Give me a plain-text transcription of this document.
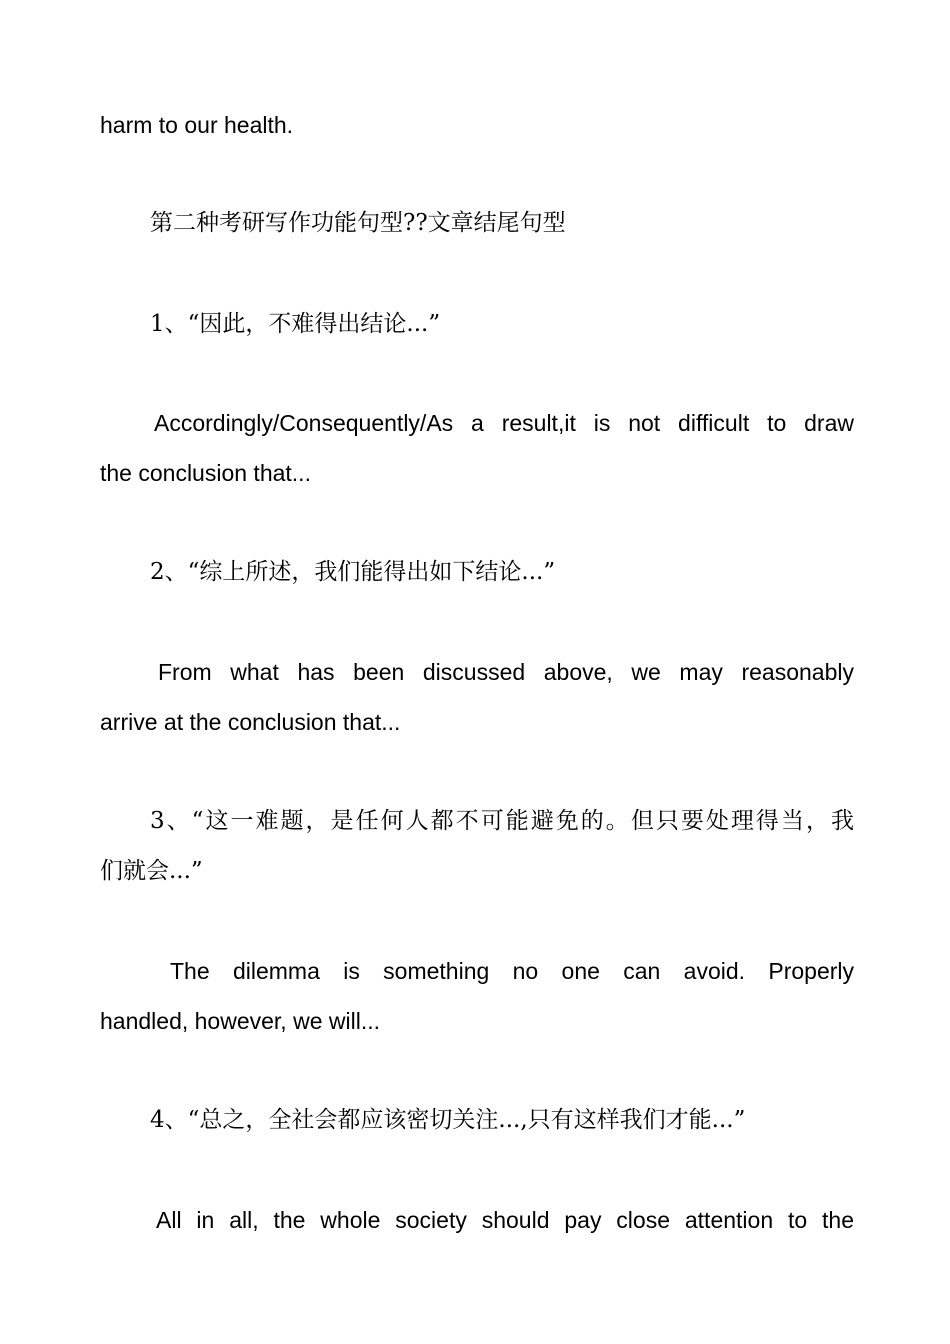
harm to our health.
第二种考研写作功能句型??文章结尾句型
1、“因此，不难得出结论...”
Accordingly/Consequently/As a result,it is not difficult to draw
the conclusion that...
2、“综上所述，我们能得出如下结论...”
From what has been discussed above, we may reasonably
arrive at the conclusion that...
3、“这一难题，是任何人都不可能避免的。但只要处理得当，我
们就会...”
The dilemma is something no one can avoid. Properly
handled, however, we will...
4、“总之，全社会都应该密切关注...,只有这样我们才能...”
All in all, the whole society should pay close attention to the
